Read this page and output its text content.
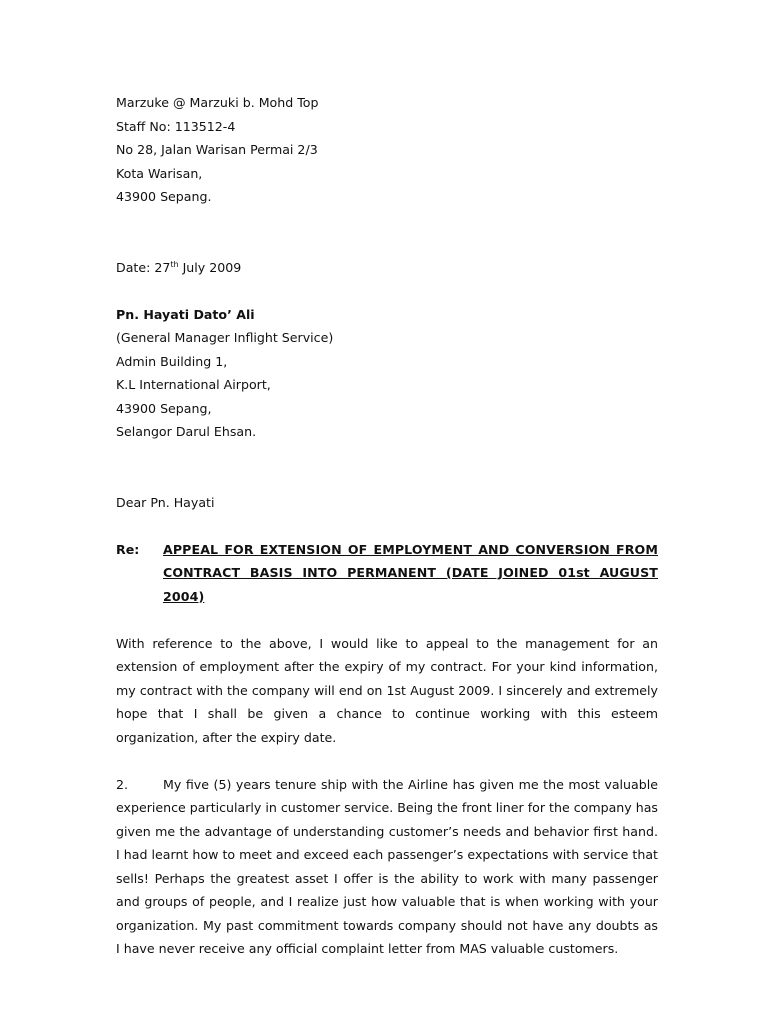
Marzuke @ Marzuki b. Mohd Top
Staff No: 113512-4
No 28, Jalan Warisan Permai 2/3
Kota Warisan,
43900 Sepang.
Date: 27th July 2009
Pn. Hayati Dato’ Ali
(General Manager Inflight Service)
Admin Building 1,
K.L International Airport,
43900 Sepang,
Selangor Darul Ehsan.
Dear Pn. Hayati
Re:	APPEAL FOR EXTENSION OF EMPLOYMENT AND CONVERSION FROM CONTRACT BASIS INTO PERMANENT (DATE JOINED 01st AUGUST 2004)
With reference to the above, I would like to appeal to the management for an extension of employment after the expiry of my contract. For your kind information, my contract with the company will end on 1st August 2009. I sincerely and extremely hope that I shall be given a chance to continue working with this esteem organization, after the expiry date.
2.	My five (5) years tenure ship with the Airline has given me the most valuable experience particularly in customer service. Being the front liner for the company has given me the advantage of understanding customer’s needs and behavior first hand. I had learnt how to meet and exceed each passenger’s expectations with service that sells! Perhaps the greatest asset I offer is the ability to work with many passenger and groups of people, and I realize just how valuable that is when working with your organization. My past commitment towards company should not have any doubts as I have never receive any official complaint letter from MAS valuable customers.
